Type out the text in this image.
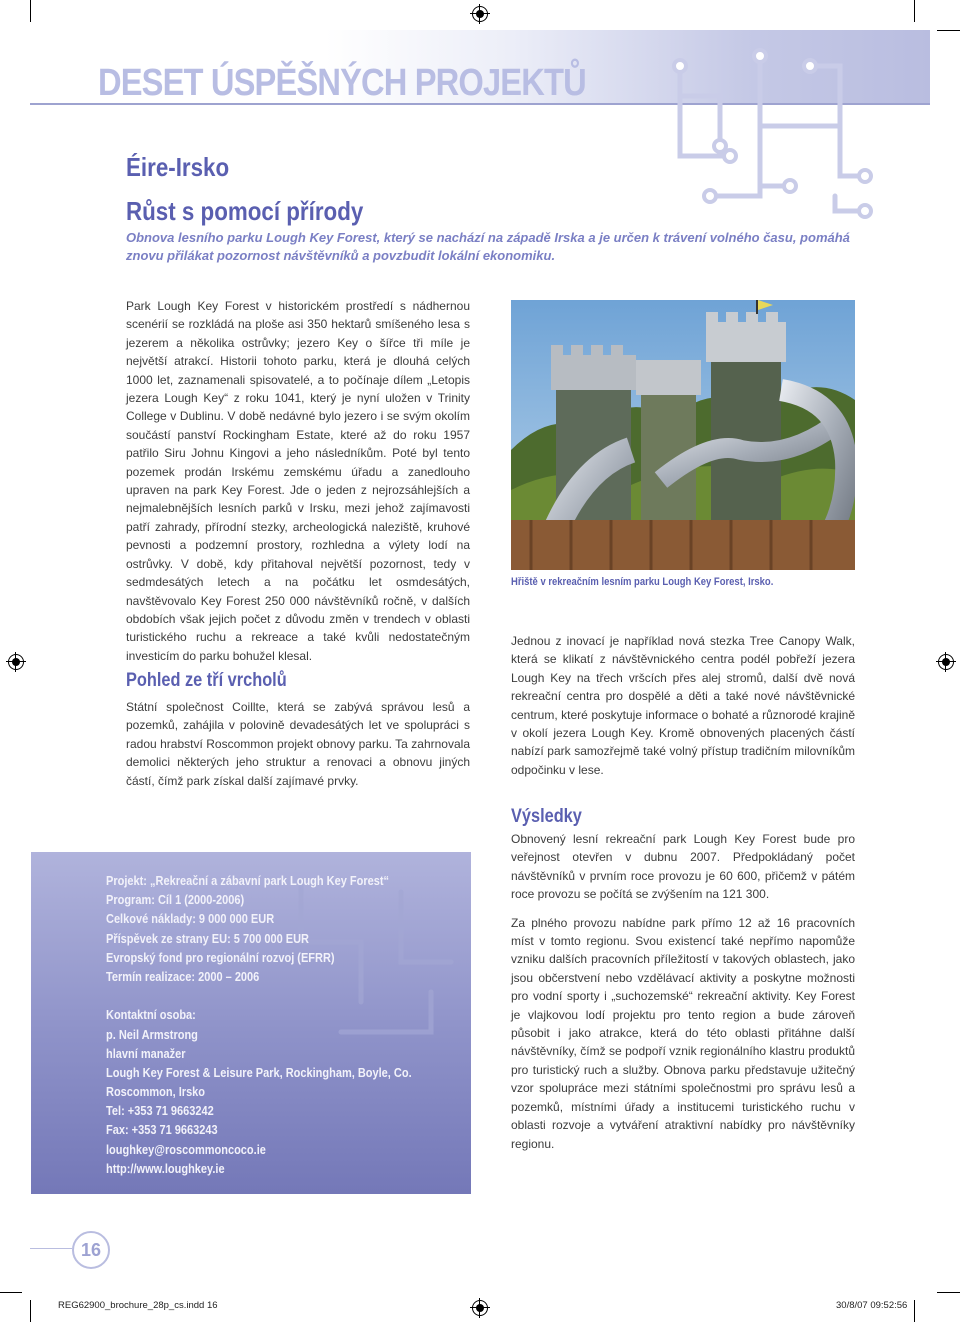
DESET ÚSPĚŠNÝCH PROJEKTŮ
Éire-Irsko
Růst s pomocí přírody

Obnova lesního parku Lough Key Forest, který se nachází na západě Irska a je určen k trávení volného času, pomáhá znovu přilákat pozornost návštěvníků a povzbudit lokální ekonomiku.

Park Lough Key Forest v historickém prostředí s nádhernou scenérií se rozkládá na ploše asi 350 hektarů smíšeného lesa s jezerem a několika ostrůvky; jezero Key o šířce tři míle je největší atrakcí. Historii tohoto parku, která je dlouhá celých 1000 let, zaznamenali spisovatelé, a to počínaje dílem „Letopis jezera Lough Key“ z roku 1041, který je nyní uložen v Trinity College v Dublinu. V době nedávné bylo jezero i se svým okolím součástí panství Rockingham Estate, které až do roku 1957 patřilo Siru Johnu Kingovi a jeho následníkům. Poté byl tento pozemek prodán Irskému zemskému úřadu a zanedlouho upraven na park Key Forest. Jde o jeden z nejrozsáhlejších a nejmalebnějších lesních parků v Irsku, mezi jehož zajímavosti patří zahrady, přírodní stezky, archeologická naleziště, kruhové pevnosti a podzemní prostory, rozhledna a výlety lodí na ostrůvky. V době, kdy přitahoval největší pozornost, tedy v sedmdesátých letech a na počátku let osmdesátých, navštěvovalo Key Forest 250 000 návštěvníků ročně, v dalších obdobích však jejich počet z důvodu změn v trendech v oblasti turistického ruchu a rekreace a také kvůli nedostatečným investicím do parku bohužel klesal.

Pohled ze tří vrcholů

Státní společnost Coillte, která se zabývá správou lesů a pozemků, zahájila v polovině devadesátých let ve spolupráci s radou hrabství Roscommon projekt obnovy parku. Ta zahrnovala demolici některých jeho struktur a renovaci a obnovu jiných částí, čímž park získal další zajímavé prvky.

Hřiště v rekreačním lesním parku Lough Key Forest, Irsko.

Jednou z inovací je například nová stezka Tree Canopy Walk, která se klikatí z návštěvnického centra podél pobřeží jezera Lough Key na třech vršcích přes alej stromů, další dvě nová rekreační centra pro dospělé a děti a také nové návštěvnické centrum, které poskytuje informace o bohaté a různorodé krajině v okolí jezera Lough Key. Kromě obnovených placených částí nabízí park samozřejmě také volný přístup tradičním milovníkům odpočinku v lese.

Výsledky

Obnovený lesní rekreační park Lough Key Forest bude pro veřejnost otevřen v dubnu 2007. Předpokládaný počet návštěvníků v prvním roce provozu je 60 600, přičemž v pátém roce provozu se počítá se zvýšením na 121 300.

Za plného provozu nabídne park přímo 12 až 16 pracovních míst v tomto regionu. Svou existencí také nepřímo napomůže vzniku dalších pracovních příležitostí v takových oblastech, jako jsou občerstvení nebo vzdělávací aktivity a poskytne možnosti pro vodní sporty i „suchozemské“ rekreační aktivity. Key Forest je vlajkovou lodí projektu pro tento region a bude zároveň působit i jako atrakce, která do této oblasti přitáhne další návštěvníky, čímž se podpoří vznik regionálního klastru produktů pro turistický ruch a služby. Obnova parku představuje užitečný vzor spolupráce mezi státními společnostmi pro správu lesů a pozemků, místními úřady a institucemi turistického ruchu v oblasti rozvoje a vytváření atraktivní nabídky pro návštěvníky regionu.

Projekt: „Rekreační a zábavní park Lough Key Forest“
Program: Cíl 1 (2000-2006)
Celkové náklady: 9 000 000 EUR
Příspěvek ze strany EU: 5 700 000 EUR
Evropský fond pro regionální rozvoj (EFRR)
Termín realizace: 2000 – 2006
Kontaktní osoba:
p. Neil Armstrong
hlavní manažer
Lough Key Forest & Leisure Park, Rockingham, Boyle, Co.
Roscommon, Irsko
Tel: +353 71 9663242
Fax: +353 71 9663243
loughkey@roscommoncoco.ie
http://www.loughkey.ie
16
REG62900_brochure_28p_cs.indd 16	30/8/07 09:52:56
